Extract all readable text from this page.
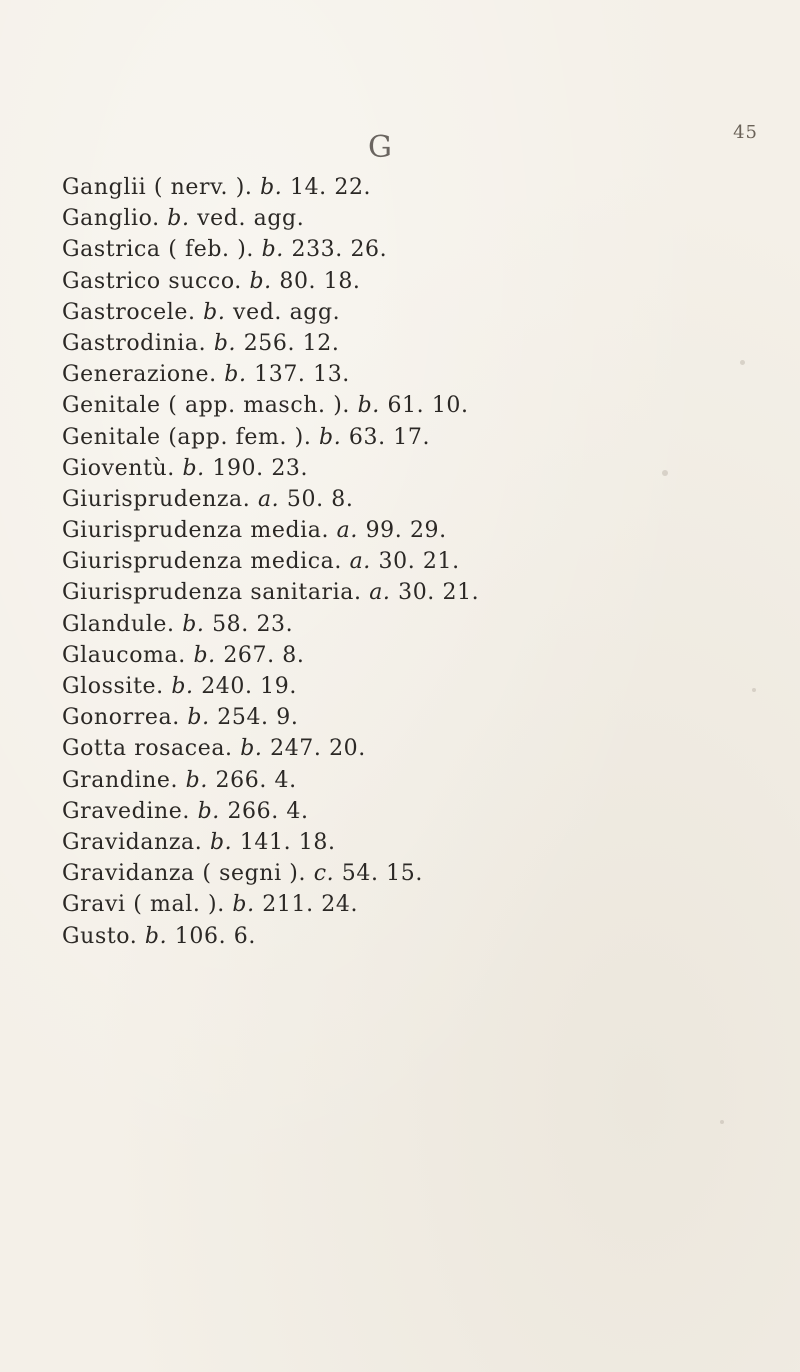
45
G
Ganglii ( nerv. ). b. 14. 22.
Ganglio. b. ved. agg.
Gastrica ( feb. ). b. 233. 26.
Gastrico succo. b. 80. 18.
Gastrocele. b. ved. agg.
Gastrodinia. b. 256. 12.
Generazione. b. 137. 13.
Genitale ( app. masch. ). b. 61. 10.
Genitale (app. fem. ). b. 63. 17.
Gioventù. b. 190. 23.
Giurisprudenza. a. 50. 8.
Giurisprudenza media. a. 99. 29.
Giurisprudenza medica. a. 30. 21.
Giurisprudenza sanitaria. a. 30. 21.
Glandule. b. 58. 23.
Glaucoma. b. 267. 8.
Glossite. b. 240. 19.
Gonorrea. b. 254. 9.
Gotta rosacea. b. 247. 20.
Grandine. b. 266. 4.
Gravedine. b. 266. 4.
Gravidanza. b. 141. 18.
Gravidanza ( segni ). c. 54. 15.
Gravi ( mal. ). b. 211. 24.
Gusto. b. 106. 6.
